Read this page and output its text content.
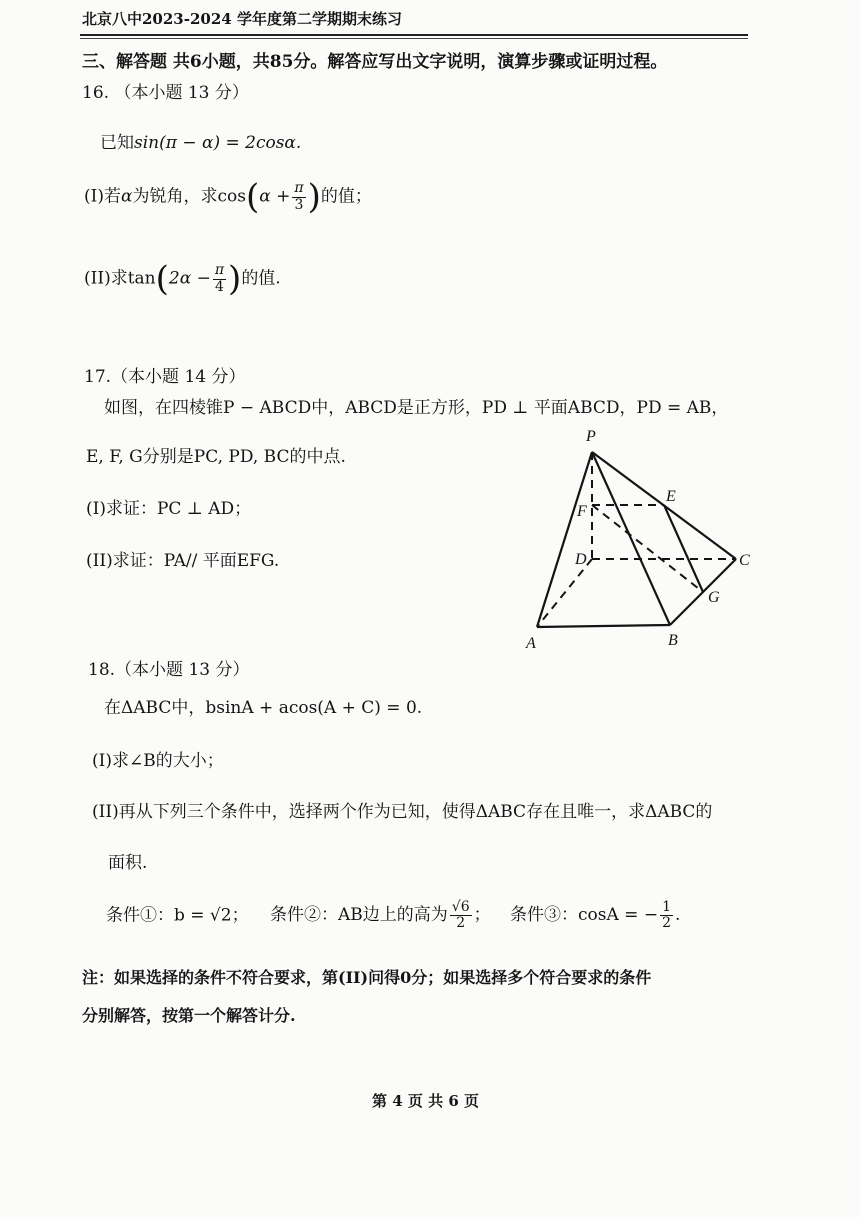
北京八中2023-2024 学年度第二学期期末练习
三、解答题 共6小题，共85分。解答应写出文字说明，演算步骤或证明过程。
16. （本小题 13 分）
已知sin(π − α) = 2cosα.
(I)若α为锐角，求$\cos(\alpha + \frac{\pi}{3}$ )的值；
(II)求$\tan(2\alpha - \frac{\pi}{4}$ )的值.
17.（本小题 14 分）
如图，在四棱锥P − ABCD中，ABCD是正方形，PD ⊥ 平面ABCD，PD = AB，
E, F, G分别是PC, PD, BC的中点.
(I)求证：PC ⊥ AD；
(II)求证：PA// 平面EFG.
P
E
F
D	C
G
A	B
18.（本小题 13 分）
在ΔABC中，bsinA + acos(A + C) = 0.
(I)求∠B的大小；
(II)再从下列三个条件中，选择两个作为已知，使得ΔABC存在且唯一，求ΔABC的
面积.
条件①：b = √2； 条件②：AB边上的高为 $\frac{√6}{2}$ ； 条件③：cosA = − $\frac{1}{2}$ .
注：如果选择的条件不符合要求，第(II)问得0分；如果选择多个符合要求的条件
分别解答，按第一个解答计分.
第 4 页 共 6 页
